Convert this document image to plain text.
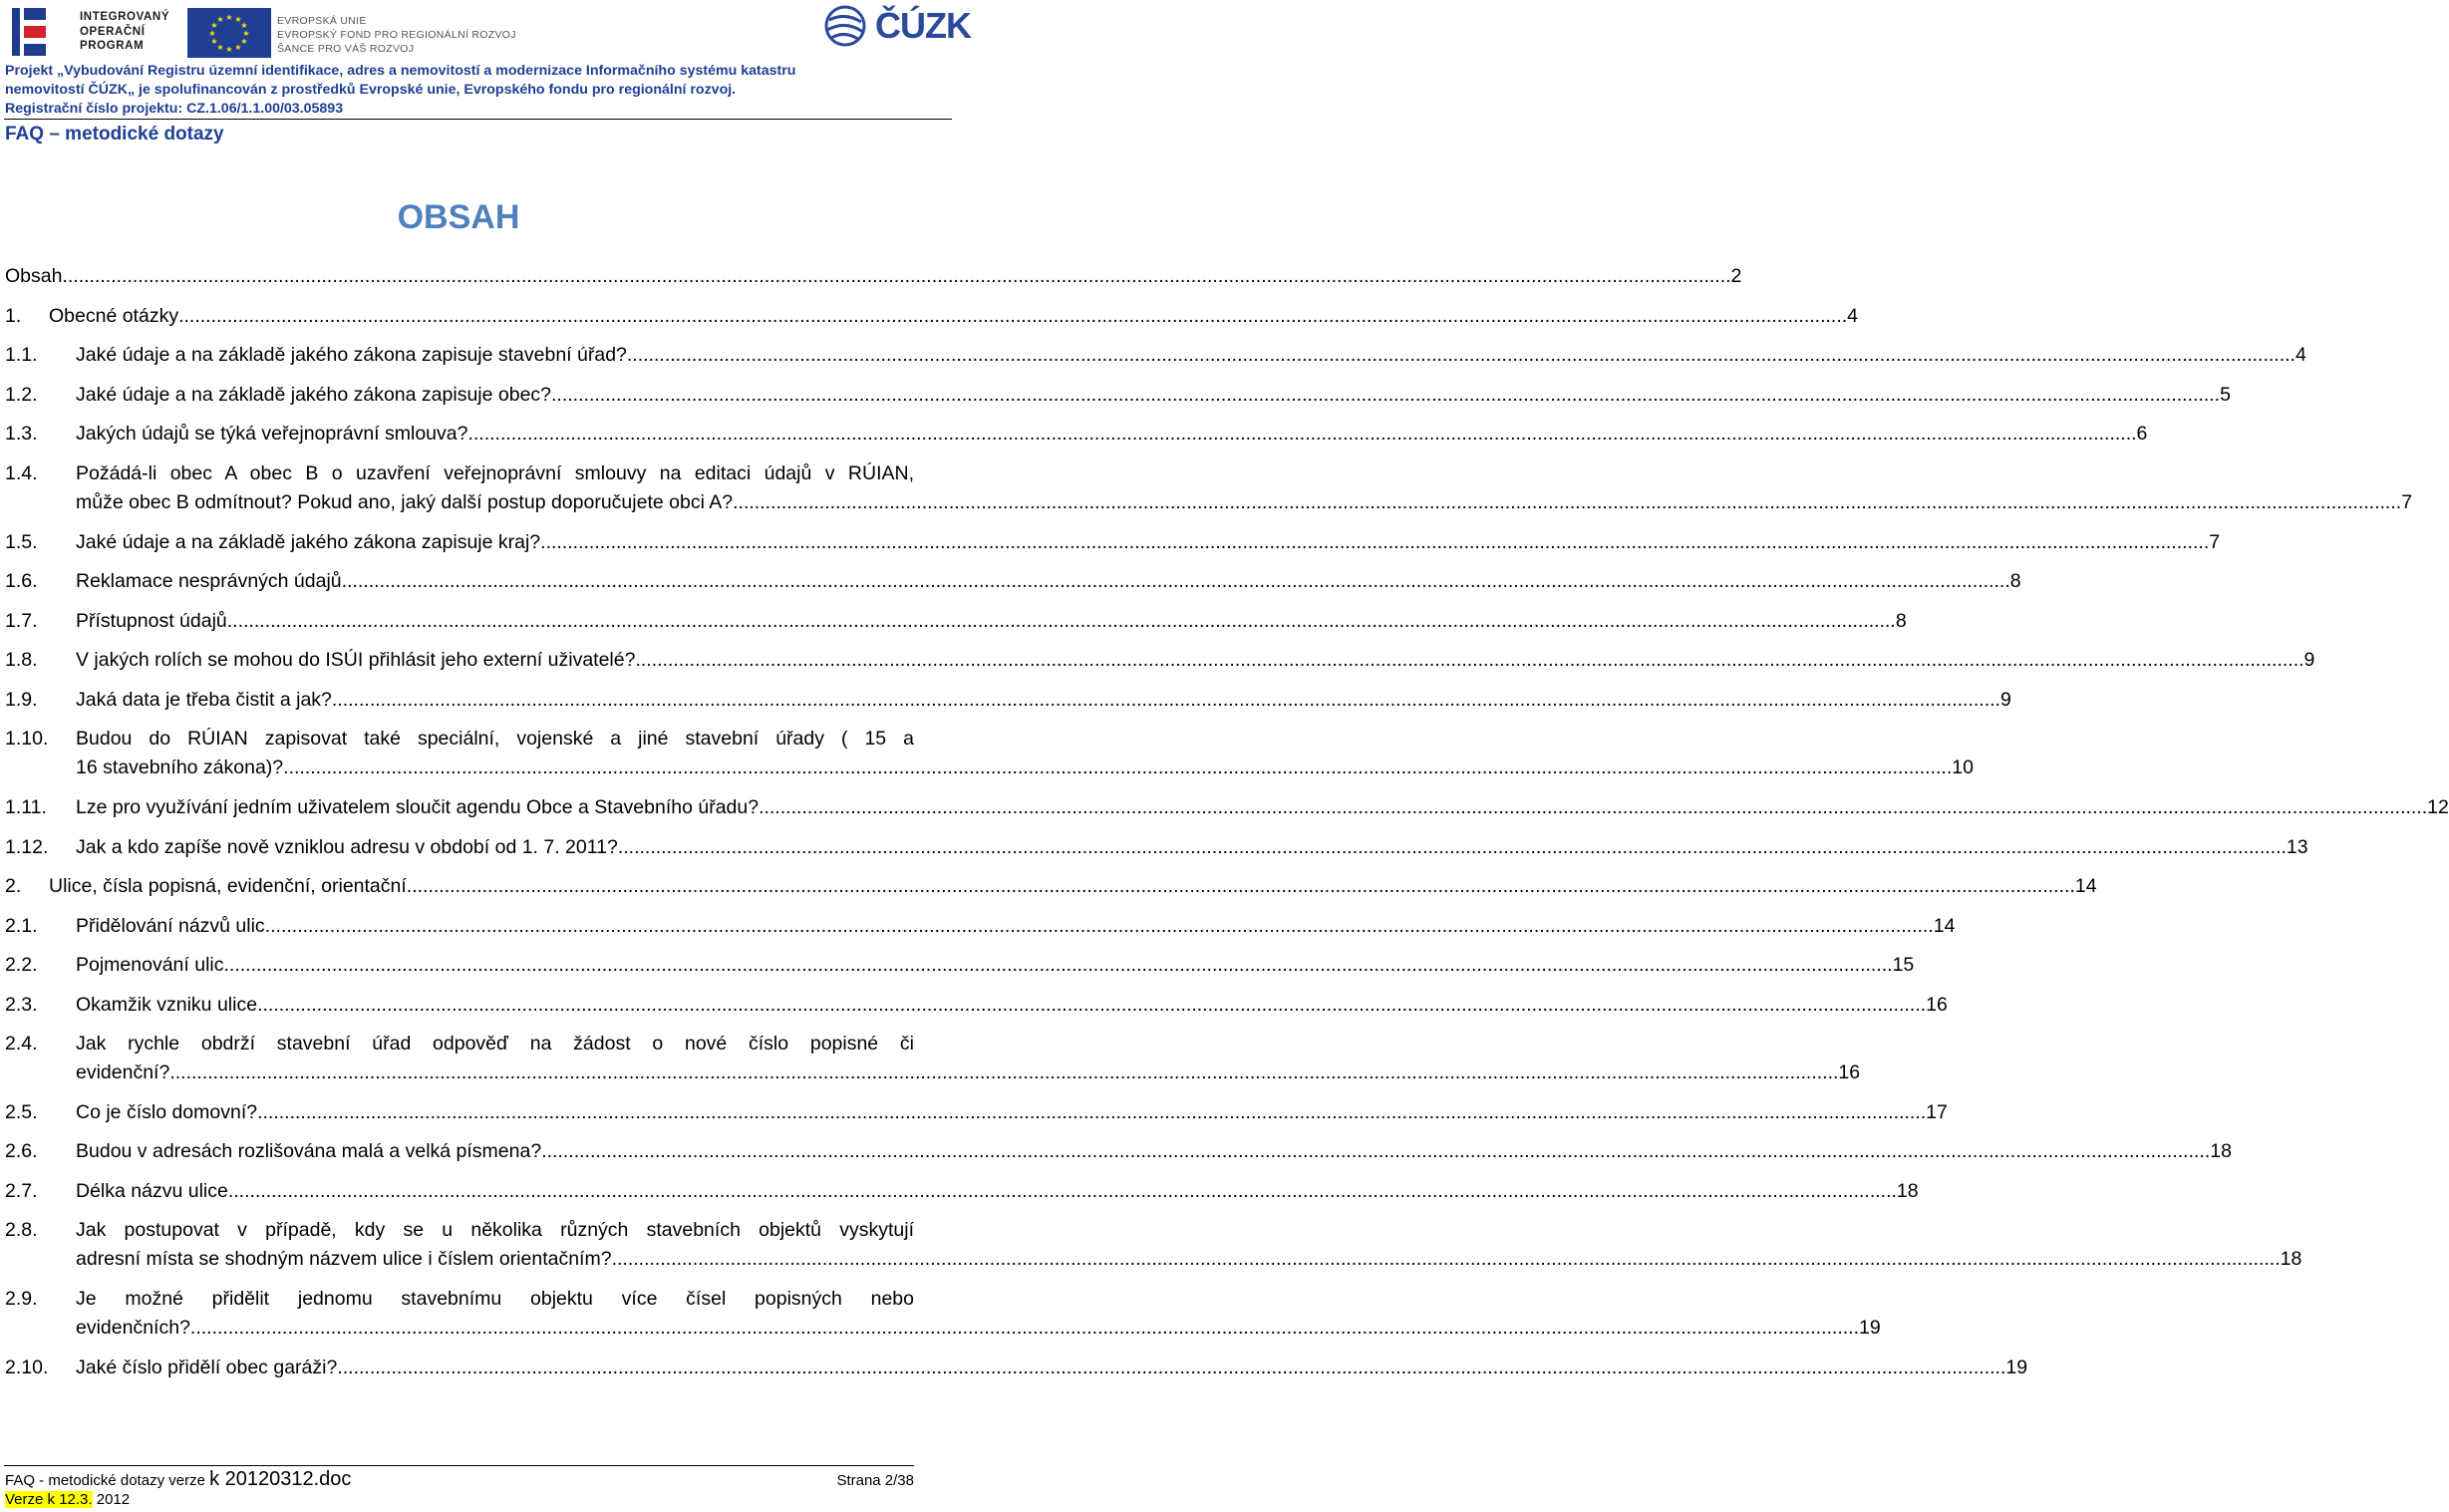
INTEGROVANÝ
OPERAČNÍ
PROGRAM
★ ★
★
★
★
★
★
★
★
★
★
★	EVROPSKÁ UNIE
EVROPSKÝ FOND PRO REGIONÁLNÍ ROZVOJ
ŠANCE PRO VÁŠ ROZVOJ
ČÚZK
Projekt „Vybudování Registru územní identifikace, adres a nemovitostí a modernizace Informačního systému katastru
nemovitostí ČÚZK„ je spolufinancován z prostředků Evropské unie, Evropského fondu pro regionální rozvoj.
Registrační číslo projektu: CZ.1.06/1.1.00/03.05893
FAQ – metodické dotazy
OBSAH
Obsah .....	2
1. Obecné otázky .....	4
1.1. Jaké údaje a na základě jakého zákona zapisuje stavební úřad? .....	4
1.2. Jaké údaje a na základě jakého zákona zapisuje obec? .....	5
1.3. Jakých údajů se týká veřejnoprávní smlouva? .....	6
1.4. Požádá-li obec A obec B o uzavření veřejnoprávní smlouvy na editaci údajů v RÚIAN,
může obec B odmítnout? Pokud ano, jaký další postup doporučujete obci A? .....	7
1.5. Jaké údaje a na základě jakého zákona zapisuje kraj? .....	7
1.6. Reklamace nesprávných údajů .....	8
1.7. Přístupnost údajů .....	8
1.8. V jakých rolích se mohou do ISÚI přihlásit jeho externí uživatelé? .....	9
1.9. Jaká data je třeba čistit a jak? .....	9
1.10. Budou do RÚIAN zapisovat také speciální, vojenské a jiné stavební úřady ( 15 a
16 stavebního zákona)? .....	10
1.11. Lze pro využívání jedním uživatelem sloučit agendu Obce a Stavebního úřadu? .....	12
1.12. Jak a kdo zapíše nově vzniklou adresu v období od 1. 7. 2011? .....	13
2. Ulice, čísla popisná, evidenční, orientační .....	14
2.1. Přidělování názvů ulic .....	14
2.2. Pojmenování ulic .....	15
2.3. Okamžik vzniku ulice .....	16
2.4. Jak rychle obdrží stavební úřad odpověď na žádost o nové číslo popisné či
evidenční? .....	16
2.5. Co je číslo domovní? .....	17
2.6. Budou v adresách rozlišována malá a velká písmena? .....	18
2.7. Délka názvu ulice .....	18
2.8. Jak postupovat v případě, kdy se u několika různých stavebních objektů vyskytují
adresní místa se shodným názvem ulice i číslem orientačním? .....	18
2.9. Je možné přidělit jednomu stavebnímu objektu více čísel popisných nebo
evidenčních? .....	19
2.10. Jaké číslo přidělí obec garáži? .....	19
FAQ - metodické dotazy verze k 20120312.doc
Verze k 12.3. 2012
Strana 2/38
